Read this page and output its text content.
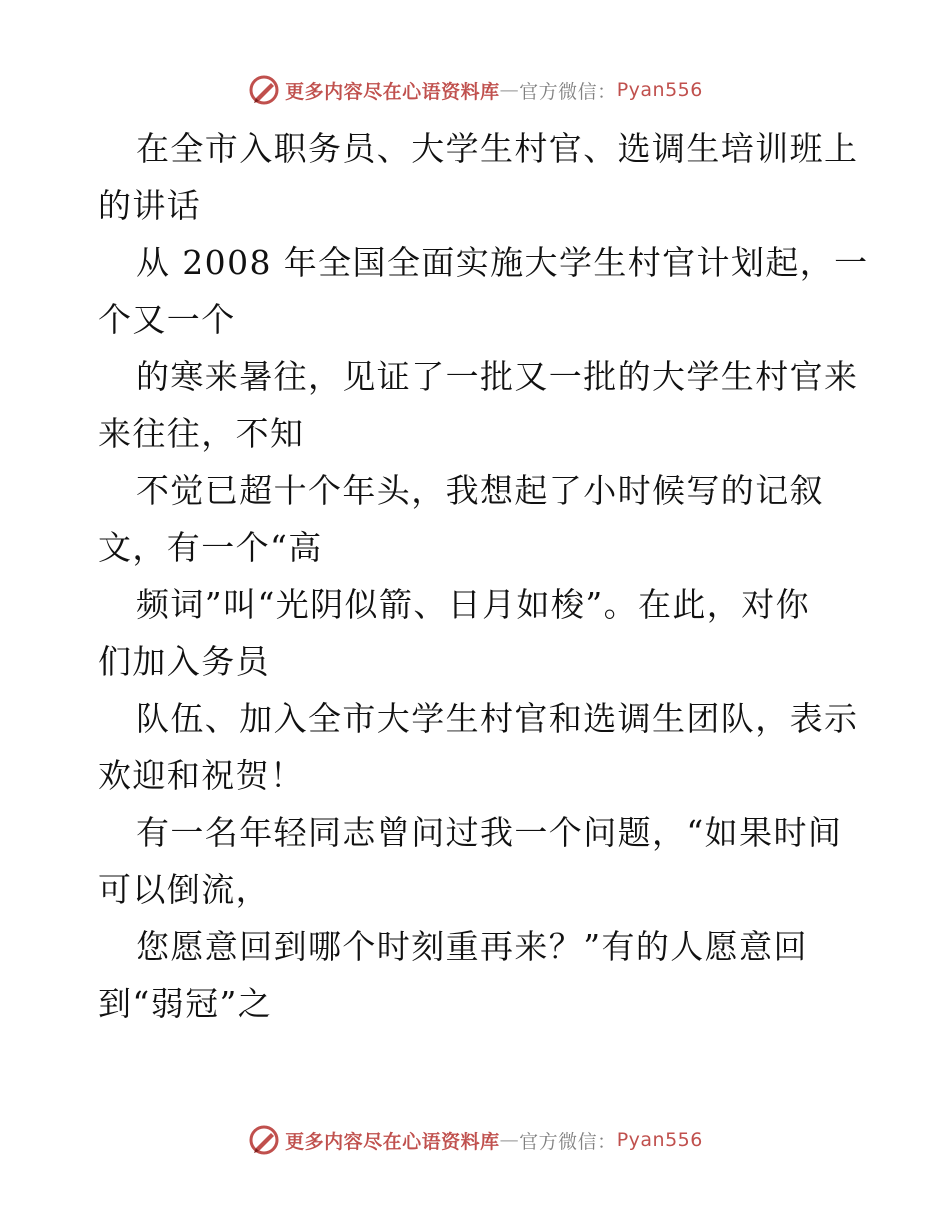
更多内容尽在心语资料库 — 官方微信： Pyan556
在全市入职务员、大学生村官、选调生培训班上
的讲话
从 2008 年全国全面实施大学生村官计划起，一
个又一个
的寒来暑往，见证了一批又一批的大学生村官来
来往往，不知
不觉已超十个年头，我想起了小时候写的记叙
文，有一个“高
频词”叫“光阴似箭、日月如梭”。在此，对你
们加入务员
队伍、加入全市大学生村官和选调生团队，表示
欢迎和祝贺！
有一名年轻同志曾问过我一个问题，“如果时间
可以倒流，
您愿意回到哪个时刻重再来？”有的人愿意回
到“弱冠”之
更多内容尽在心语资料库 — 官方微信： Pyan556
